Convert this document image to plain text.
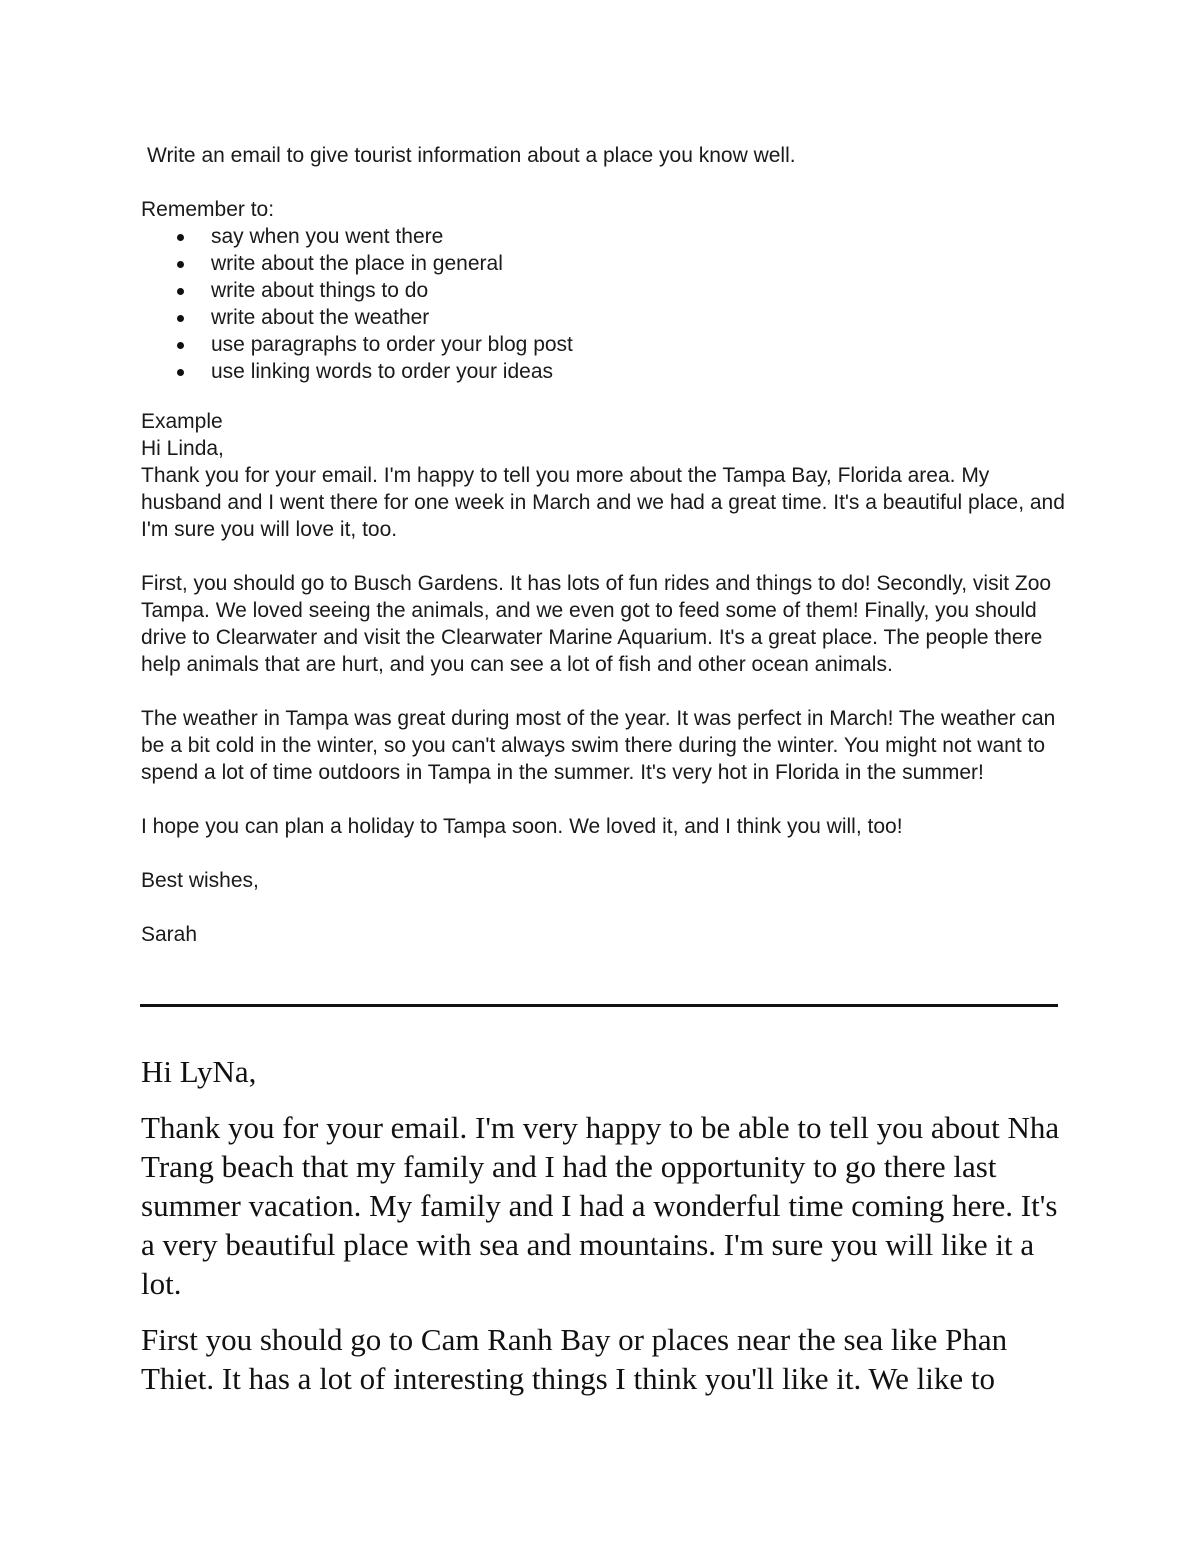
Write an email to give tourist information about a place you know well.
Remember to:
say when you went there
write about the place in general
write about things to do
write about the weather
use paragraphs to order your blog post
use linking words to order your ideas

Example

Hi Linda,

Thank you for your email. I'm happy to tell you more about the Tampa Bay, Florida area. My husband and I went there for one week in March and we had a great time. It's a beautiful place, and I'm sure you will love it, too.

First, you should go to Busch Gardens. It has lots of fun rides and things to do! Secondly, visit Zoo Tampa. We loved seeing the animals, and we even got to feed some of them! Finally, you should drive to Clearwater and visit the Clearwater Marine Aquarium. It's a great place. The people there help animals that are hurt, and you can see a lot of fish and other ocean animals.

The weather in Tampa was great during most of the year. It was perfect in March! The weather can be a bit cold in the winter, so you can't always swim there during the winter. You might not want to spend a lot of time outdoors in Tampa in the summer. It's very hot in Florida in the summer!

I hope you can plan a holiday to Tampa soon. We loved it, and I think you will, too!

Best wishes,

Sarah

Hi LyNa,

Thank you for your email. I'm very happy to be able to tell you about Nha Trang beach that my family and I had the opportunity to go there last summer vacation. My family and I had a wonderful time coming here. It's a very beautiful place with sea and mountains. I'm sure you will like it a lot.

First you should go to Cam Ranh Bay or places near the sea like Phan Thiet. It has a lot of interesting things I think you'll like it. We like to
